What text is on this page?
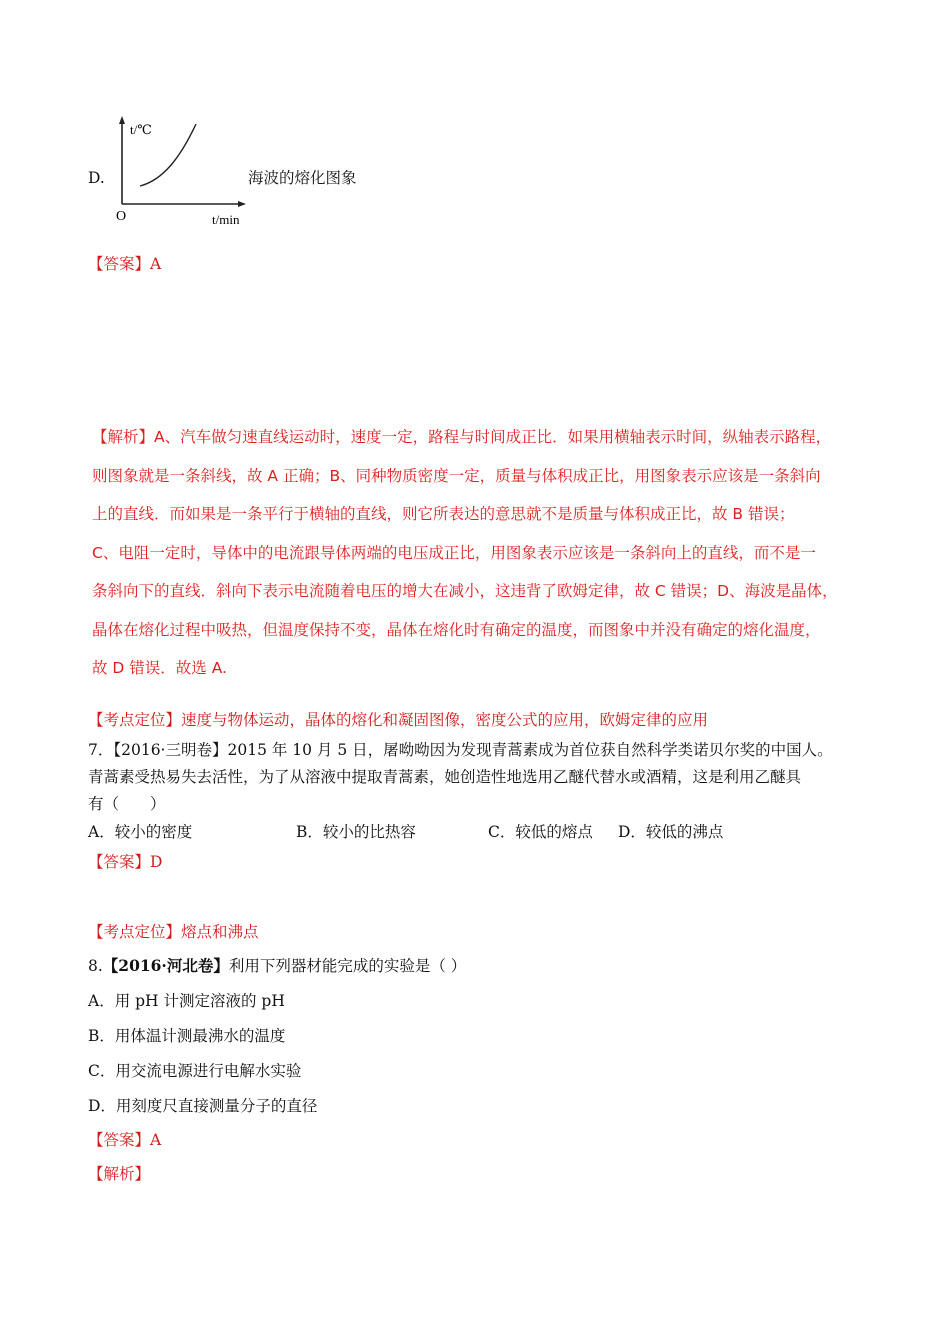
D.
t/℃
t/min
O
海波的熔化图象
【答案】A

【解析】A、汽车做匀速直线运动时，速度一定，路程与时间成正比．如果用横轴表示时间，纵轴表示路程，

则图象就是一条斜线，故 A 正确；B、同种物质密度一定，质量与体积成正比，用图象表示应该是一条斜向

上的直线．而如果是一条平行于横轴的直线，则它所表达的意思就不是质量与体积成正比，故 B 错误；

C、电阻一定时，导体中的电流跟导体两端的电压成正比，用图象表示应该是一条斜向上的直线，而不是一

条斜向下的直线．斜向下表示电流随着电压的增大在减小，这违背了欧姆定律，故 C 错误；D、海波是晶体，

晶体在熔化过程中吸热，但温度保持不变，晶体在熔化时有确定的温度，而图象中并没有确定的熔化温度，

故 D 错误．故选 A.

【考点定位】速度与物体运动，晶体的熔化和凝固图像，密度公式的应用，欧姆定律的应用
7．【2016·三明卷】2015 年 10 月 5 日，屠呦呦因为发现青蒿素成为首位获自然科学类诺贝尔奖的中国人。
青蒿素受热易失去活性，为了从溶液中提取青蒿素，她创造性地选用乙醚代替水或酒精，这是利用乙醚具
有（　　）
A．较小的密度	B．较小的比热容	C．较低的熔点 D．较低的沸点
【答案】D
【考点定位】熔点和沸点
8.【2016·河北卷】利用下列器材能完成的实验是（ ）
A．用 pH 计测定溶液的 pH
B．用体温计测最沸水的温度
C．用交流电源进行电解水实验
D．用刻度尺直接测量分子的直径
【答案】A
【解析】
